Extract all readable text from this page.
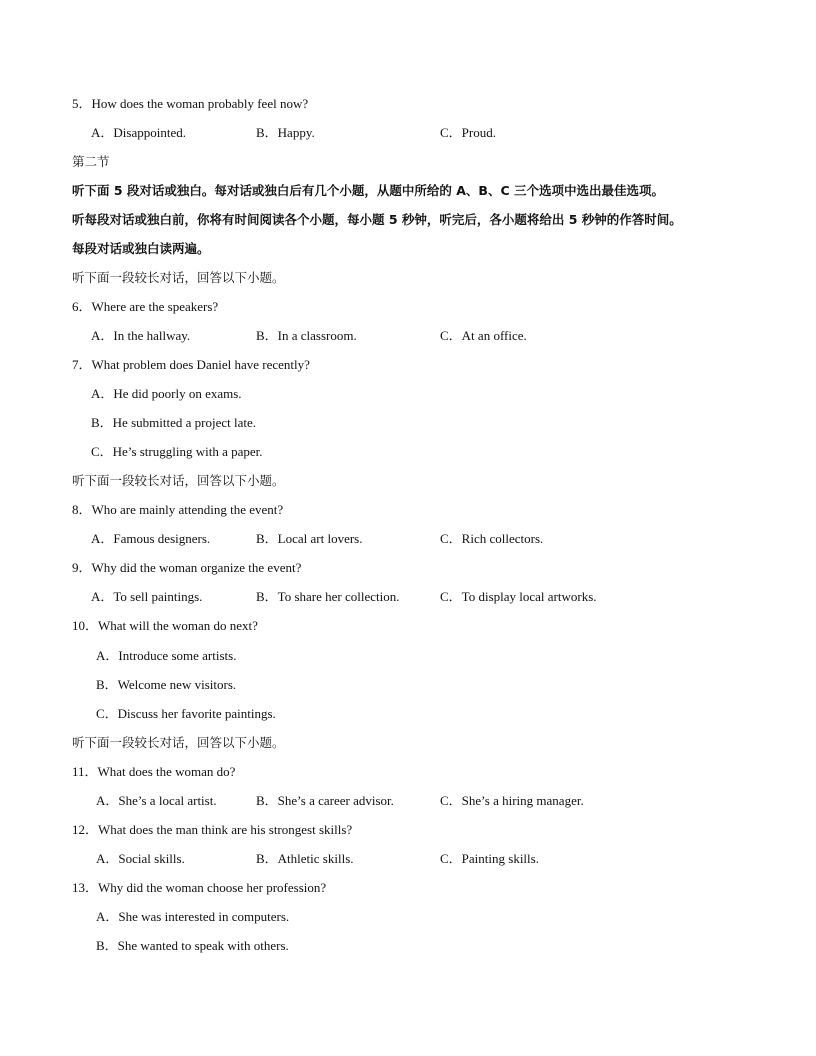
5．How does the woman probably feel now?
A．Disappointed.	B．Happy.	C．Proud.
第二节
听下面 5 段对话或独白。每对话或独白后有几个小题，从题中所给的 A、B、C 三个选项中选出最佳选项。
听每段对话或独白前，你将有时间阅读各个小题，每小题 5 秒钟，听完后，各小题将给出 5 秒钟的作答时间。
每段对话或独白读两遍。
听下面一段较长对话，回答以下小题。
6．Where are the speakers?
A．In the hallway.	B．In a classroom.	C．At an office.
7．What problem does Daniel have recently?
A．He did poorly on exams.
B．He submitted a project late.
C．He’s struggling with a paper.
听下面一段较长对话，回答以下小题。
8．Who are mainly attending the event?
A．Famous designers.	B．Local art lovers.	C．Rich collectors.
9．Why did the woman organize the event?
A．To sell paintings.	B．To share her collection.	C．To display local artworks.
10．What will the woman do next?
A．Introduce some artists.
B．Welcome new visitors.
C．Discuss her favorite paintings.
听下面一段较长对话，回答以下小题。
11．What does the woman do?
A．She’s a local artist.	B．She’s a career advisor.	C．She’s a hiring manager.
12．What does the man think are his strongest skills?
A．Social skills.	B．Athletic skills.	C．Painting skills.
13．Why did the woman choose her profession?
A．She was interested in computers.
B．She wanted to speak with others.
